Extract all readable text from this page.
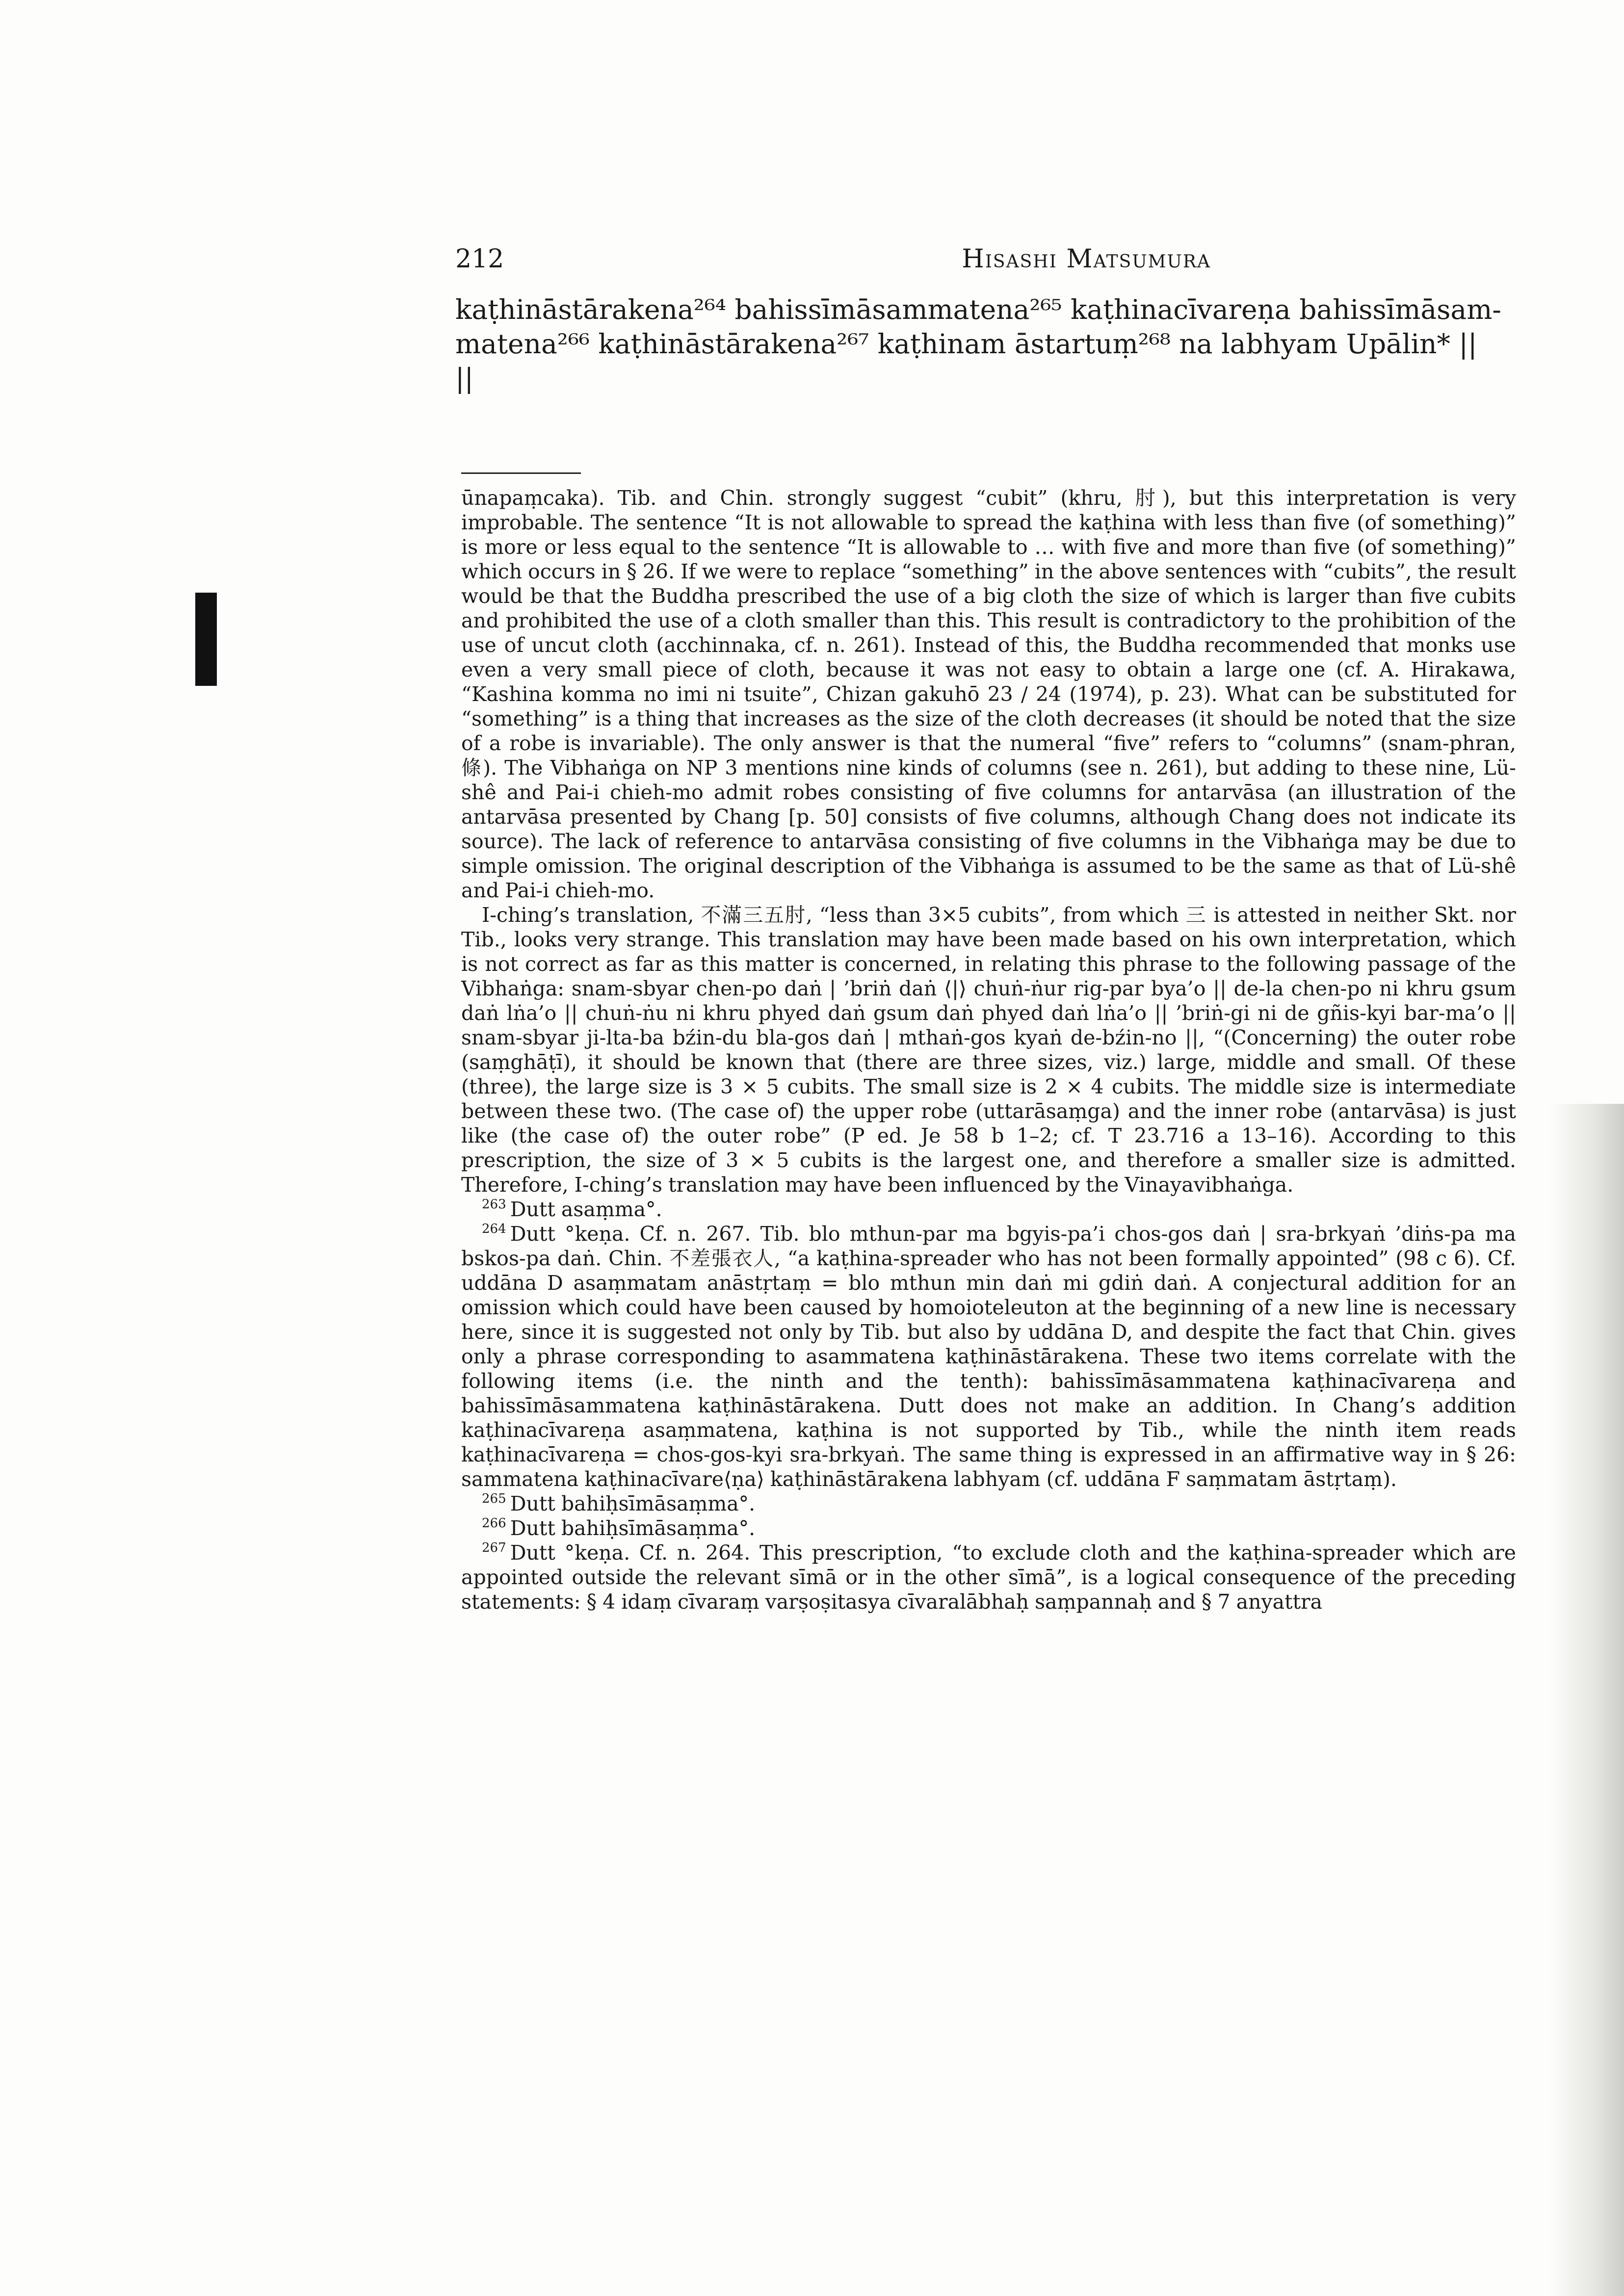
212	Hisashi Matsumura
kaṭhināstārakena²⁶⁴ bahissīmāsammatena²⁶⁵ kaṭhinacīvareṇa bahissīmāsam-
matena²⁶⁶ kaṭhināstārakena²⁶⁷ kaṭhinam āstartuṃ²⁶⁸ na labhyam Upālin* ||
||

ūnapaṃcaka). Tib. and Chin. strongly suggest “cubit” (khru, 肘), but this interpretation is very improbable. The sentence “It is not allowable to spread the kaṭhina with less than five (of something)” is more or less equal to the sentence “It is allowable to … with five and more than five (of something)” which occurs in § 26. If we were to replace “something” in the above sentences with “cubits”, the result would be that the Buddha prescribed the use of a big cloth the size of which is larger than five cubits and prohibited the use of a cloth smaller than this. This result is contradictory to the prohibition of the use of uncut cloth (acchinnaka, cf. n. 261). Instead of this, the Buddha recommended that monks use even a very small piece of cloth, because it was not easy to obtain a large one (cf. A. Hirakawa, “Kashina komma no imi ni tsuite”, Chizan gakuhō 23 / 24 (1974), p. 23). What can be substituted for “something” is a thing that increases as the size of the cloth decreases (it should be noted that the size of a robe is invariable). The only answer is that the numeral “five” refers to “columns” (snam-phran, 條). The Vibhaṅga on NP 3 mentions nine kinds of columns (see n. 261), but adding to these nine, Lü-shê and Pai-i chieh-mo admit robes consisting of five columns for antarvāsa (an illustration of the antarvāsa presented by Chang [p. 50] consists of five columns, although Chang does not indicate its source). The lack of reference to antarvāsa consisting of five columns in the Vibhaṅga may be due to simple omission. The original description of the Vibhaṅga is assumed to be the same as that of Lü-shê and Pai-i chieh-mo.

I-ching’s translation, 不滿三五肘, “less than 3×5 cubits”, from which 三 is attested in neither Skt. nor Tib., looks very strange. This translation may have been made based on his own interpretation, which is not correct as far as this matter is concerned, in relating this phrase to the following passage of the Vibhaṅga: snam-sbyar chen-po daṅ | ’briṅ daṅ ⟨|⟩ chuṅ-ṅur rig-par bya’o || de-la chen-po ni khru gsum daṅ lṅa’o || chuṅ-ṅu ni khru phyed daṅ gsum daṅ phyed daṅ lṅa’o || ’briṅ-gi ni de gñis-kyi bar-ma’o || snam-sbyar ji-lta-ba bźin-du bla-gos daṅ | mthaṅ-gos kyaṅ de-bźin-no ||, “(Concerning) the outer robe (saṃghāṭī), it should be known that (there are three sizes, viz.) large, middle and small. Of these (three), the large size is 3 × 5 cubits. The small size is 2 × 4 cubits. The middle size is intermediate between these two. (The case of) the upper robe (uttarāsaṃga) and the inner robe (antarvāsa) is just like (the case of) the outer robe” (P ed. Je 58 b 1–2; cf. T 23.716 a 13–16). According to this prescription, the size of 3 × 5 cubits is the largest one, and therefore a smaller size is admitted. Therefore, I-ching’s translation may have been influenced by the Vinayavibhaṅga.

$^{263}$ Dutt asaṃma°.

$^{264}$ Dutt °keṇa. Cf. n. 267. Tib. blo mthun-par ma bgyis-pa’i chos-gos daṅ | sra-brkyaṅ ’diṅs-pa ma bskos-pa daṅ. Chin. 不差張衣人, “a kaṭhina-spreader who has not been formally appointed” (98 c 6). Cf. uddāna D asaṃmatam anāstṛtaṃ = blo mthun min daṅ mi gdiṅ daṅ. A conjectural addition for an omission which could have been caused by homoioteleuton at the beginning of a new line is necessary here, since it is suggested not only by Tib. but also by uddāna D, and despite the fact that Chin. gives only a phrase corresponding to asammatena kaṭhināstārakena. These two items correlate with the following items (i.e. the ninth and the tenth): bahissīmāsammatena kaṭhinacīvareṇa and bahissīmāsammatena kaṭhināstārakena. Dutt does not make an addition. In Chang’s addition kaṭhinacīvareṇa asaṃmatena, kaṭhina is not supported by Tib., while the ninth item reads kaṭhinacīvareṇa = chos-gos-kyi sra-brkyaṅ. The same thing is expressed in an affirmative way in § 26: sammatena kaṭhinacīvare⟨ṇa⟩ kaṭhināstārakena labhyam (cf. uddāna F saṃmatam āstṛtaṃ).

$^{265}$ Dutt bahiḥsīmāsaṃma°.

$^{266}$ Dutt bahiḥsīmāsaṃma°.

$^{267}$ Dutt °keṇa. Cf. n. 264. This prescription, “to exclude cloth and the kaṭhina-spreader which are appointed outside the relevant sīmā or in the other sīmā”, is a logical consequence of the preceding statements: § 4 idaṃ cīvaraṃ varṣoṣitasya cīvaralābhaḥ saṃpannaḥ and § 7 anyattra
